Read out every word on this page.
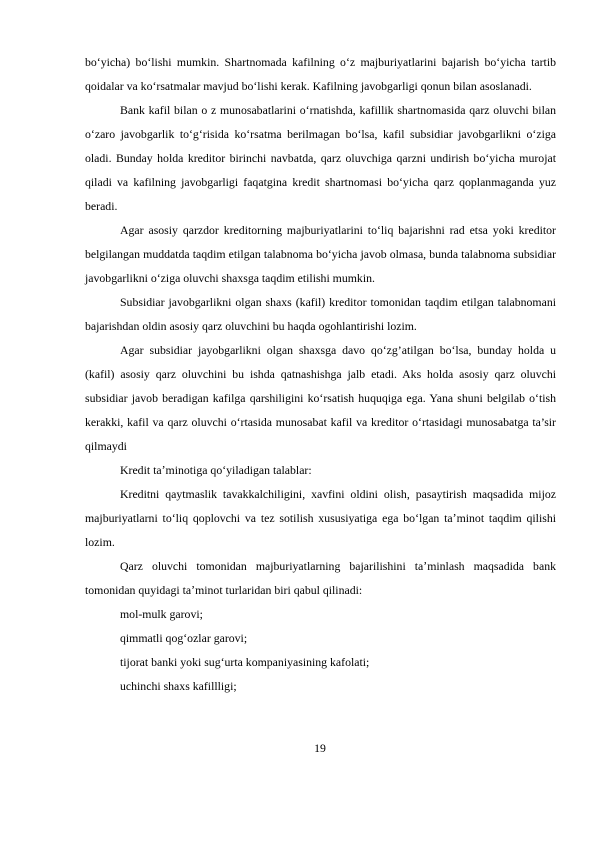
bo‘yicha) bo‘lishi mumkin. Shartnomada kafilning o‘z majburiyatlarini bajarish bo‘yicha tartib qoidalar va ko‘rsatmalar mavjud bo‘lishi kerak. Kafilning javobgarligi qonun bilan asoslanadi.

Bank kafil bilan o z munosabatlarini o‘rnatishda, kafillik shartnomasida qarz oluvchi bilan o‘zaro javobgarlik to‘g‘risida ko‘rsatma berilmagan bo‘lsa, kafil subsidiar javobgarlikni o‘ziga oladi. Bunday holda kreditor birinchi navbatda, qarz oluvchiga qarzni undirish bo‘yicha murojat qiladi va kafilning javobgarligi faqatgina kredit shartnomasi bo‘yicha qarz qoplanmaganda yuz beradi.

Agar asosiy qarzdor kreditorning majburiyatlarini to‘liq bajarishni rad etsa yoki kreditor belgilangan muddatda taqdim etilgan talabnoma bo‘yicha javob olmasa, bunda talabnoma subsidiar javobgarlikni o‘ziga oluvchi shaxsga taqdim etilishi mumkin.

Subsidiar javobgarlikni olgan shaxs (kafil) kreditor tomonidan taqdim etilgan talabnomani bajarishdan oldin asosiy qarz oluvchini bu haqda ogohlantirishi lozim.

Agar subsidiar jayobgarlikni olgan shaxsga davo qo‘zg’atilgan bo‘lsa, bunday holda u (kafil) asosiy qarz oluvchini bu ishda qatnashishga jalb etadi. Aks holda asosiy qarz oluvchi subsidiar javob beradigan kafilga qarshiligini ko‘rsatish huquqiga ega. Yana shuni belgilab o‘tish kerakki, kafil va qarz oluvchi o‘rtasida munosabat kafil va kreditor o‘rtasidagi munosabatga ta’sir qilmaydi

Kredit taʼminotiga qoʻyiladigan talablar:

Kreditni qaytmaslik tavakkalchiligini, xavfini oldini olish, pasaytirish maqsadida mijoz majburiyatlarni toʻliq qoplovchi va tez sotilish xususiyatiga ega boʻlgan taʼminot taqdim qilishi lozim.

Qarz oluvchi tomonidan majburiyatlarning bajarilishini taʼminlash maqsadida bank tomonidan quyidagi taʼminot turlaridan biri qabul qilinadi:

mol-mulk garovi;

qimmatli qogʻozlar garovi;

tijorat banki yoki sugʻurta kompaniyasining kafolati;

uchinchi shaxs kafillligi;

19
